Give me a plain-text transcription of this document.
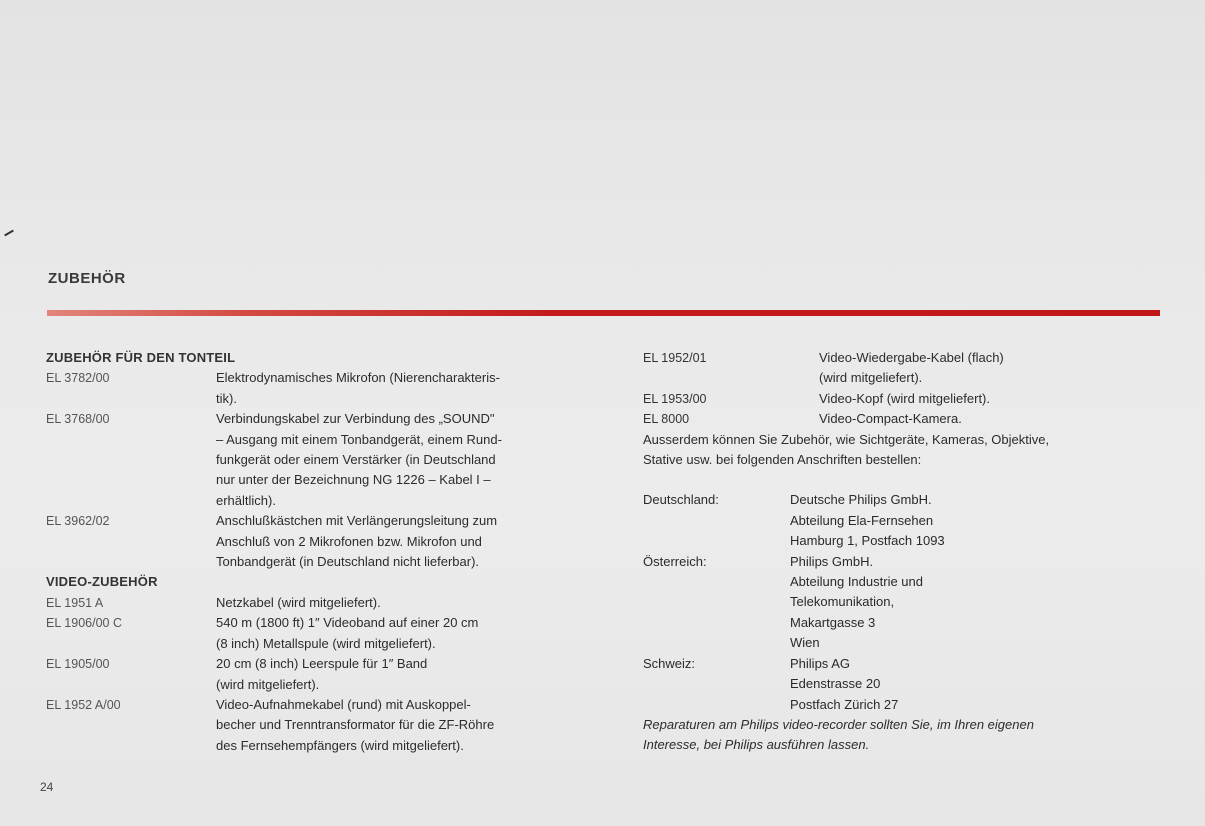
ZUBEHÖR
ZUBEHÖR FÜR DEN TONTEIL
EL 3782/00	Elektrodynamisches Mikrofon (Nierencharakteris-
tik).
EL 3768/00	Verbindungskabel zur Verbindung des „SOUND"
– Ausgang mit einem Tonbandgerät, einem Rund-
funkgerät oder einem Verstärker (in Deutschland
nur unter der Bezeichnung NG 1226 – Kabel I –
erhältlich).
EL 3962/02	Anschlußkästchen mit Verlängerungsleitung zum
Anschluß von 2 Mikrofonen bzw. Mikrofon und
Tonbandgerät (in Deutschland nicht lieferbar).
VIDEO-ZUBEHÖR
EL 1951 A	Netzkabel (wird mitgeliefert).
EL 1906/00 C	540 m (1800 ft) 1″ Videoband auf einer 20 cm
(8 inch) Metallspule (wird mitgeliefert).
EL 1905/00	20 cm (8 inch) Leerspule für 1″ Band
(wird mitgeliefert).
EL 1952 A/00	Video-Aufnahmekabel (rund) mit Auskoppel-
becher und Trenntransformator für die ZF-Röhre
des Fernsehempfängers (wird mitgeliefert).
EL 1952/01	Video-Wiedergabe-Kabel (flach)
(wird mitgeliefert).
EL 1953/00	Video-Kopf (wird mitgeliefert).
EL 8000	Video-Compact-Kamera.
Ausserdem können Sie Zubehör, wie Sichtgeräte, Kameras, Objektive,
Stative usw. bei folgenden Anschriften bestellen:
Deutschland:	Deutsche Philips GmbH.
Abteilung Ela-Fernsehen
Hamburg 1, Postfach 1093
Österreich:	Philips GmbH.
Abteilung Industrie und
Telekomunikation,
Makartgasse 3
Wien
Schweiz:	Philips AG
Edenstrasse 20
Postfach Zürich 27
Reparaturen am Philips video-recorder sollten Sie, im Ihren eigenen
Interesse, bei Philips ausführen lassen.
24
